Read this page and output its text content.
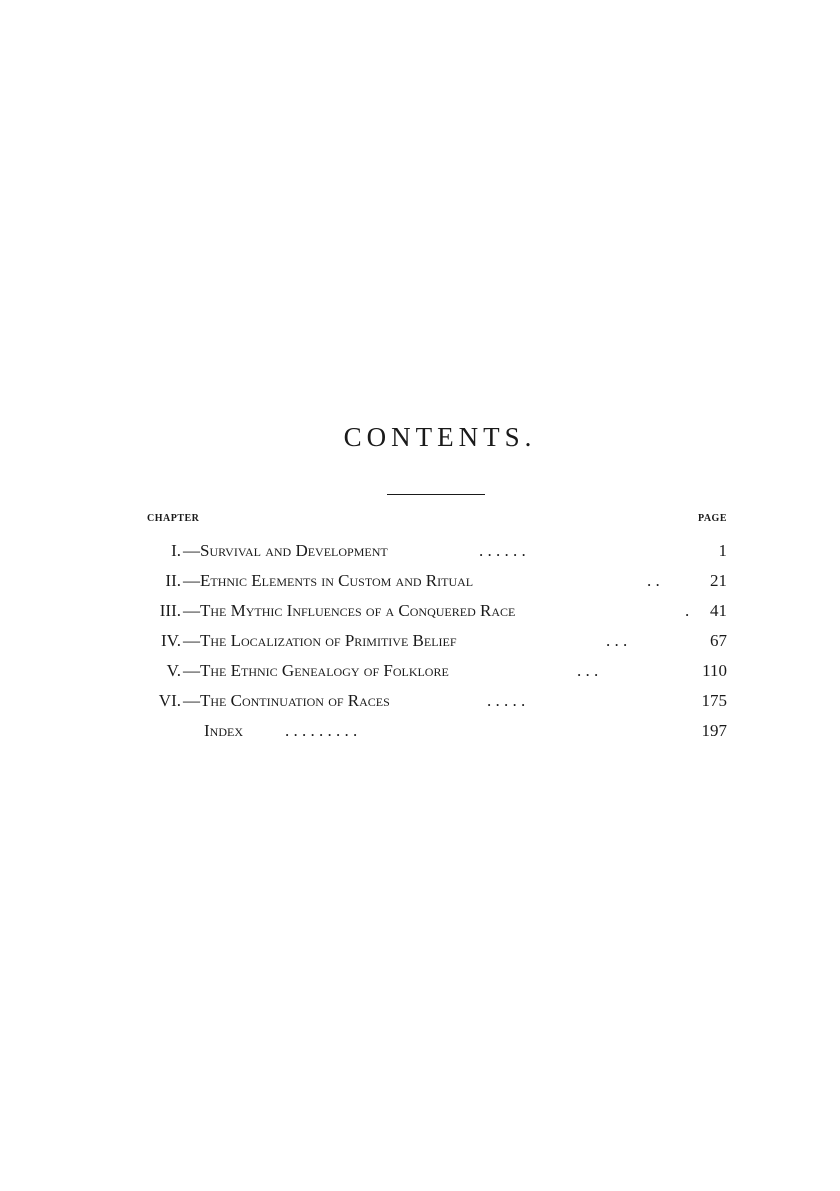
CONTENTS.
CHAPTER	PAGE
I. —Survival and Development	. . . . . .	1
II. —Ethnic Elements in Custom and Ritual	. .	21
III. —The Mythic Influences of a Conquered Race	. 41
IV. —The Localization of Primitive Belief	. . .	67
V. —The Ethnic Genealogy of Folklore	. . .	110
VI. —The Continuation of Races	. . . . .	175
Index . . . . . . . . .	197
